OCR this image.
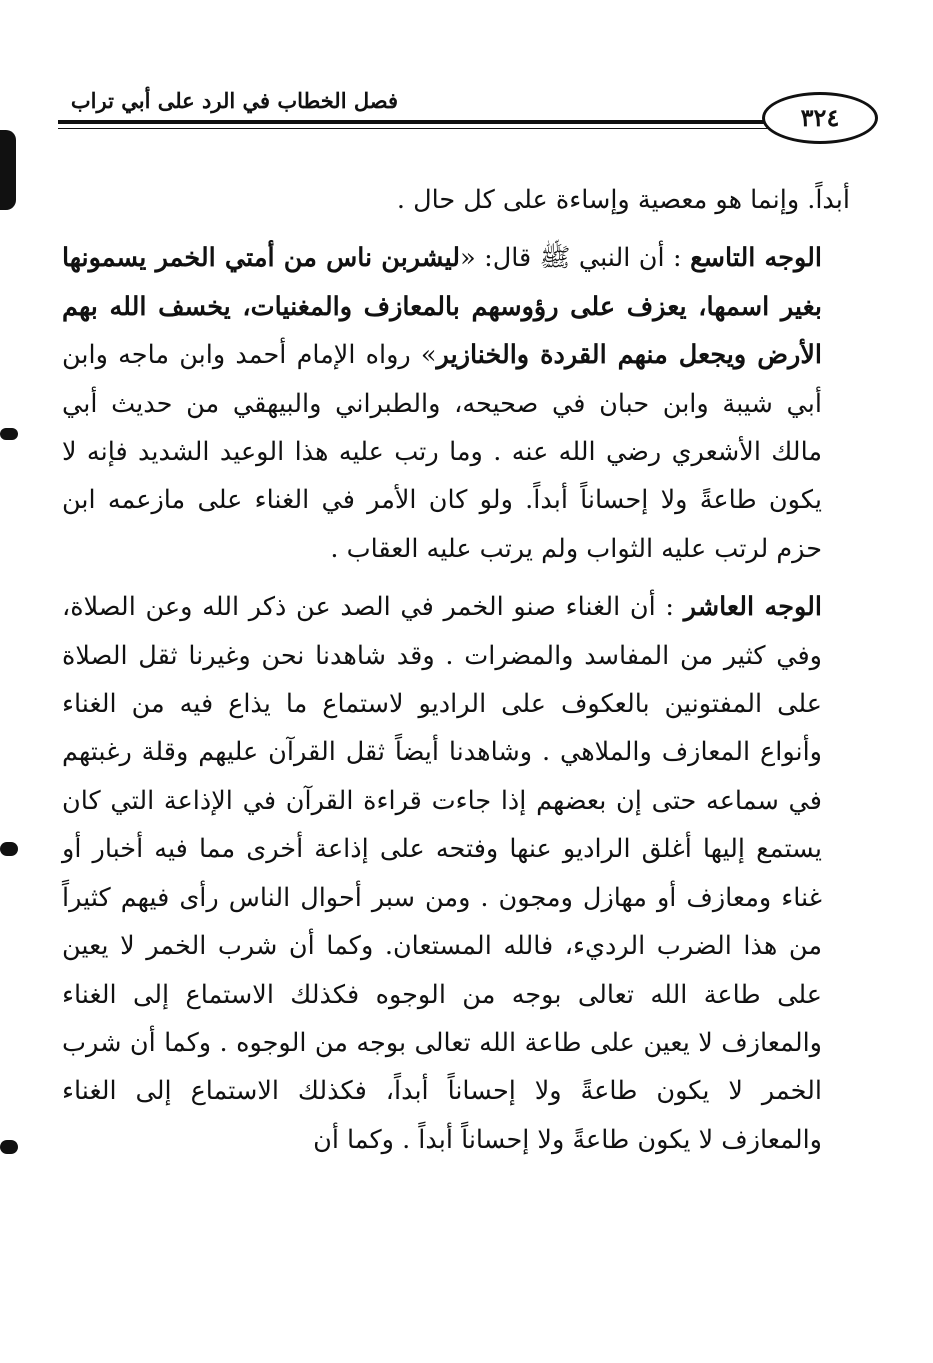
٣٢٤
فصل الخطاب في الرد على أبي تراب

أبداً. وإنما هو معصية وإساءة على كل حال .

الوجه التاسع : أن النبي ﷺ قال: «ليشربن ناس من أمتي الخمر يسمونها بغير اسمها، يعزف على رؤوسهم بالمعازف والمغنيات، يخسف الله بهم الأرض ويجعل منهم القردة والخنازير» رواه الإمام أحمد وابن ماجه وابن أبي شيبة وابن حبان في صحيحه، والطبراني والبيهقي من حديث أبي مالك الأشعري رضي الله عنه . وما رتب عليه هذا الوعيد الشديد فإنه لا يكون طاعةً ولا إحساناً أبداً. ولو كان الأمر في الغناء على مازعمه ابن حزم لرتب عليه الثواب ولم يرتب عليه العقاب .

الوجه العاشر : أن الغناء صنو الخمر في الصد عن ذكر الله وعن الصلاة، وفي كثير من المفاسد والمضرات . وقد شاهدنا نحن وغيرنا ثقل الصلاة على المفتونين بالعكوف على الراديو لاستماع ما يذاع فيه من الغناء وأنواع المعازف والملاهي . وشاهدنا أيضاً ثقل القرآن عليهم وقلة رغبتهم في سماعه حتى إن بعضهم إذا جاءت قراءة القرآن في الإذاعة التي كان يستمع إليها أغلق الراديو عنها وفتحه على إذاعة أخرى مما فيه أخبار أو غناء ومعازف أو مهازل ومجون . ومن سبر أحوال الناس رأى فيهم كثيراً من هذا الضرب الرديء، فالله المستعان. وكما أن شرب الخمر لا يعين على طاعة الله تعالى بوجه من الوجوه فكذلك الاستماع إلى الغناء والمعازف لا يعين على طاعة الله تعالى بوجه من الوجوه . وكما أن شرب الخمر لا يكون طاعةً ولا إحساناً أبداً، فكذلك الاستماع إلى الغناء والمعازف لا يكون طاعةً ولا إحساناً أبداً . وكما أن
